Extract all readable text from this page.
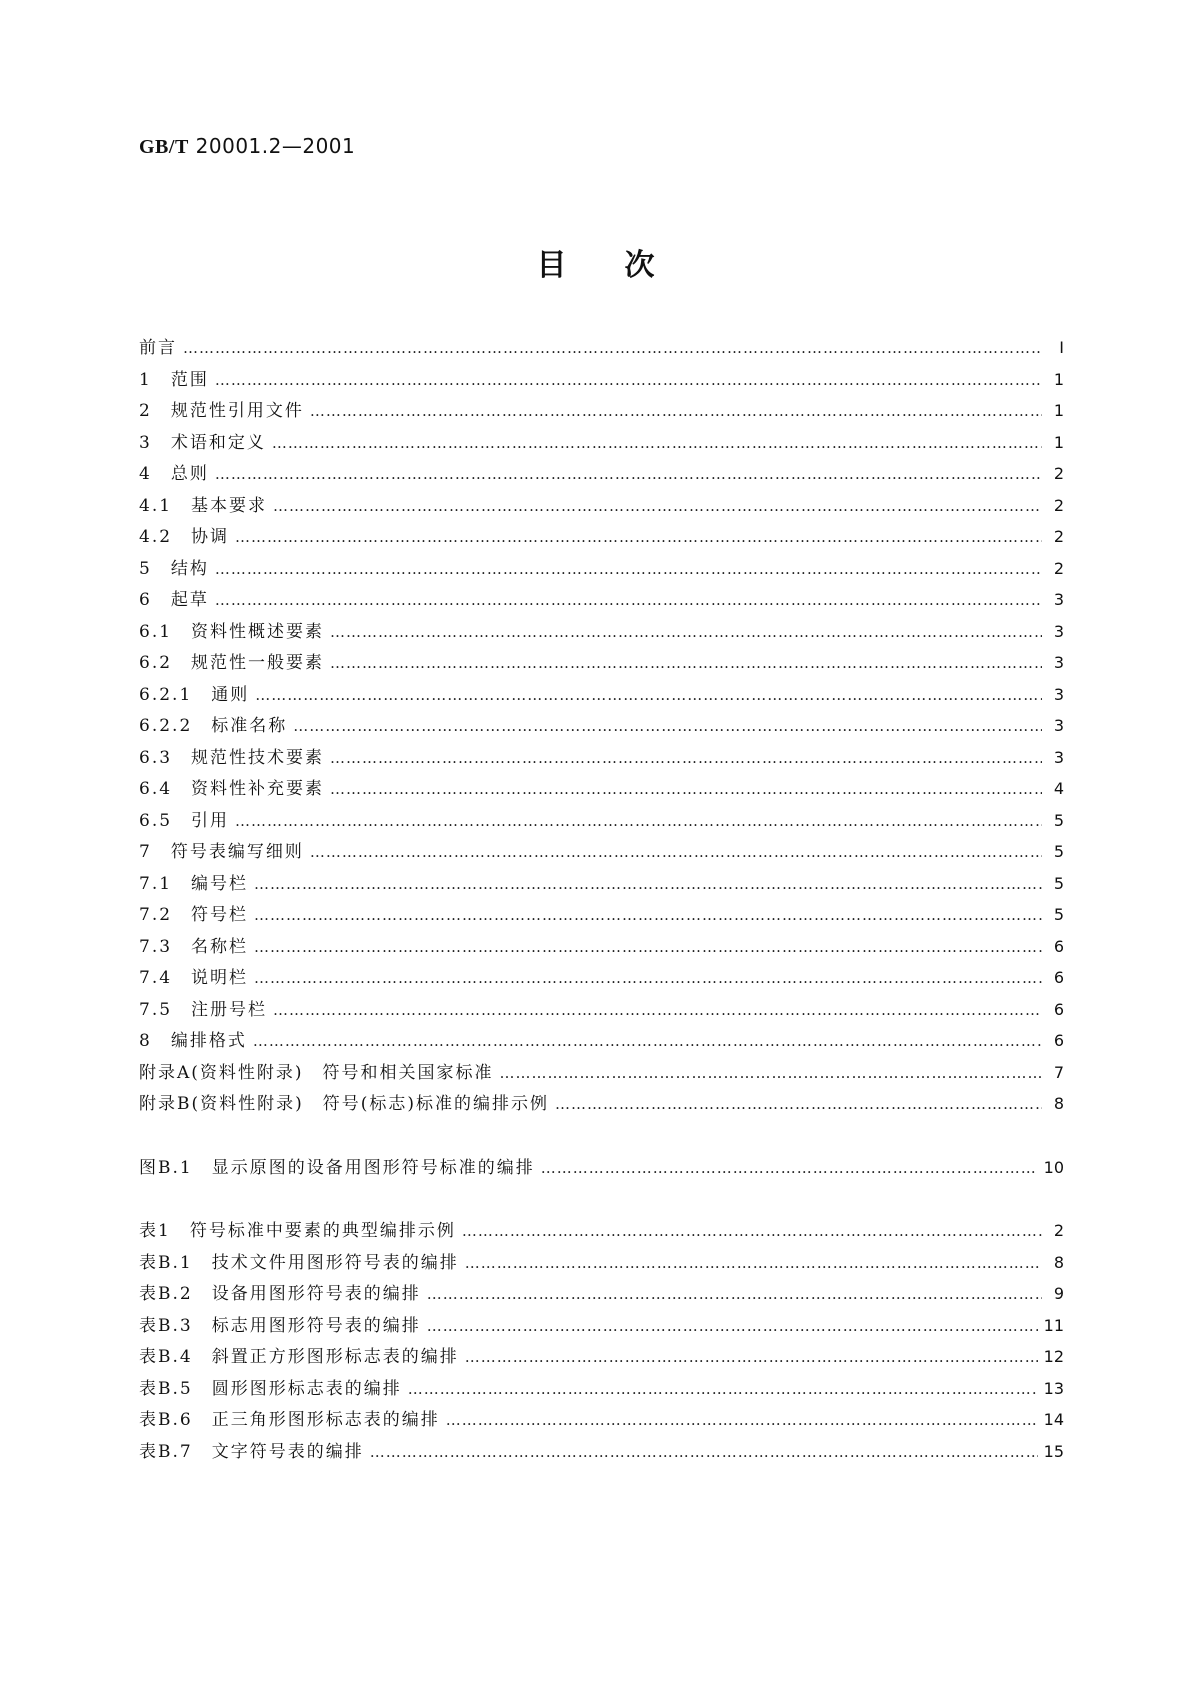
GB/T 20001.2—2001
目次
前言 ……………………………………………………………………………………………………………………………………………………………………………………………………………………	I
1　范围 ……………………………………………………………………………………………………………………………………………………………………………………………………………………	1
2　规范性引用文件 ……………………………………………………………………………………………………………………………………………………………………………………………………………………	1
3　术语和定义 ……………………………………………………………………………………………………………………………………………………………………………………………………………………	1
4　总则 ……………………………………………………………………………………………………………………………………………………………………………………………………………………	2
4.1　基本要求 ……………………………………………………………………………………………………………………………………………………………………………………………………………………	2
4.2　协调 ……………………………………………………………………………………………………………………………………………………………………………………………………………………	2
5　结构 ……………………………………………………………………………………………………………………………………………………………………………………………………………………	2
6　起草 ……………………………………………………………………………………………………………………………………………………………………………………………………………………	3
6.1　资料性概述要素 ……………………………………………………………………………………………………………………………………………………………………………………………………………………	3
6.2　规范性一般要素 ……………………………………………………………………………………………………………………………………………………………………………………………………………………	3
6.2.1　通则 ……………………………………………………………………………………………………………………………………………………………………………………………………………………	3
6.2.2　标准名称 ……………………………………………………………………………………………………………………………………………………………………………………………………………………	3
6.3　规范性技术要素 ……………………………………………………………………………………………………………………………………………………………………………………………………………………	3
6.4　资料性补充要素 ……………………………………………………………………………………………………………………………………………………………………………………………………………………	4
6.5　引用 ……………………………………………………………………………………………………………………………………………………………………………………………………………………	5
7　符号表编写细则 ……………………………………………………………………………………………………………………………………………………………………………………………………………………	5
7.1　编号栏 ……………………………………………………………………………………………………………………………………………………………………………………………………………………	5
7.2　符号栏 ……………………………………………………………………………………………………………………………………………………………………………………………………………………	5
7.3　名称栏 ……………………………………………………………………………………………………………………………………………………………………………………………………………………	6
7.4　说明栏 ……………………………………………………………………………………………………………………………………………………………………………………………………………………	6
7.5　注册号栏 ……………………………………………………………………………………………………………………………………………………………………………………………………………………	6
8　编排格式 ……………………………………………………………………………………………………………………………………………………………………………………………………………………	6
附录A(资料性附录)　符号和相关国家标准 ……………………………………………………………………………………………………………………………………………………………………………………………………………………	7
附录B(资料性附录)　符号(标志)标准的编排示例 ……………………………………………………………………………………………………………………………………………………………………………………………………………………	8
图B.1　显示原图的设备用图形符号标准的编排 ……………………………………………………………………………………………………………………………………………………………………………………………………………………	10
表1　符号标准中要素的典型编排示例 ……………………………………………………………………………………………………………………………………………………………………………………………………………………	2
表B.1　技术文件用图形符号表的编排 ……………………………………………………………………………………………………………………………………………………………………………………………………………………	8
表B.2　设备用图形符号表的编排 ……………………………………………………………………………………………………………………………………………………………………………………………………………………	9
表B.3　标志用图形符号表的编排 ……………………………………………………………………………………………………………………………………………………………………………………………………………………	11
表B.4　斜置正方形图形标志表的编排 ……………………………………………………………………………………………………………………………………………………………………………………………………………………	12
表B.5　圆形图形标志表的编排 ……………………………………………………………………………………………………………………………………………………………………………………………………………………	13
表B.6　正三角形图形标志表的编排 ……………………………………………………………………………………………………………………………………………………………………………………………………………………	14
表B.7　文字符号表的编排 ……………………………………………………………………………………………………………………………………………………………………………………………………………………	15
